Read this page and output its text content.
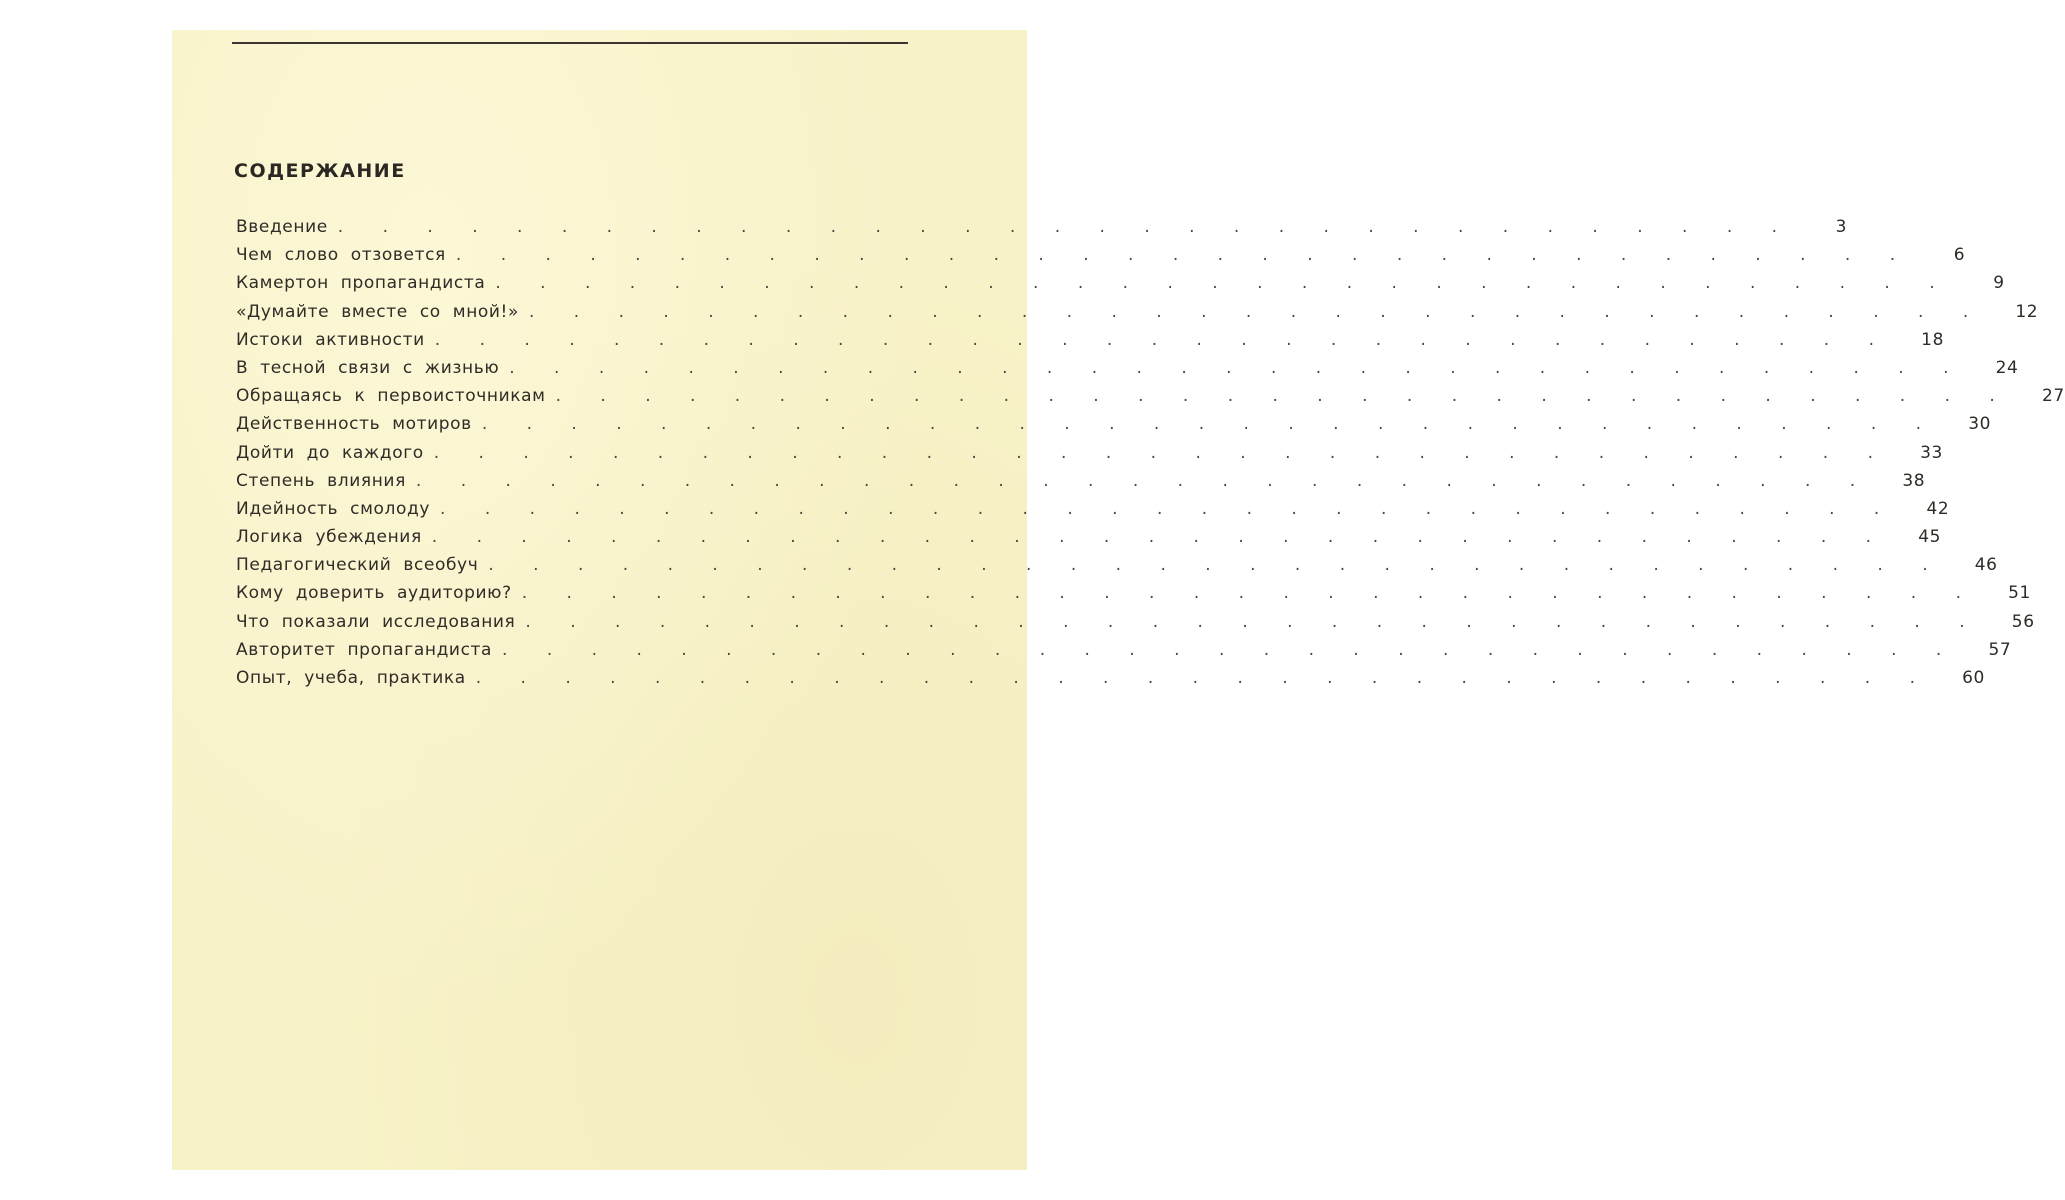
СОДЕРЖАНИЕ
Введение . . . . . . . . . . . . . . . . . . . . . . . . . . . . . . . . .	3
Чем слово отзовется . . . . . . . . . . . . . . . . . . . . . . . . . . . . . . . . .	6
Камертон пропагандиста . . . . . . . . . . . . . . . . . . . . . . . . . . . . . . . . .	9
«Думайте вместе со мной!» . . . . . . . . . . . . . . . . . . . . . . . . . . . . . . . . .	12
Истоки активности . . . . . . . . . . . . . . . . . . . . . . . . . . . . . . . . .	18
В тесной связи с жизнью . . . . . . . . . . . . . . . . . . . . . . . . . . . . . . . . .	24
Обращаясь к первоисточникам . . . . . . . . . . . . . . . . . . . . . . . . . . . . . . . . .	27
Действенность мотиров . . . . . . . . . . . . . . . . . . . . . . . . . . . . . . . . .	30
Дойти до каждого . . . . . . . . . . . . . . . . . . . . . . . . . . . . . . . . .	33
Степень влияния . . . . . . . . . . . . . . . . . . . . . . . . . . . . . . . . .	38
Идейность смолоду . . . . . . . . . . . . . . . . . . . . . . . . . . . . . . . . .	42
Логика убеждения . . . . . . . . . . . . . . . . . . . . . . . . . . . . . . . . .	45
Педагогический всеобуч . . . . . . . . . . . . . . . . . . . . . . . . . . . . . . . . .	46
Кому доверить аудиторию? . . . . . . . . . . . . . . . . . . . . . . . . . . . . . . . . .	51
Что показали исследования . . . . . . . . . . . . . . . . . . . . . . . . . . . . . . . . .	56
Авторитет пропагандиста . . . . . . . . . . . . . . . . . . . . . . . . . . . . . . . . .	57
Опыт, учеба, практика . . . . . . . . . . . . . . . . . . . . . . . . . . . . . . . . .	60
